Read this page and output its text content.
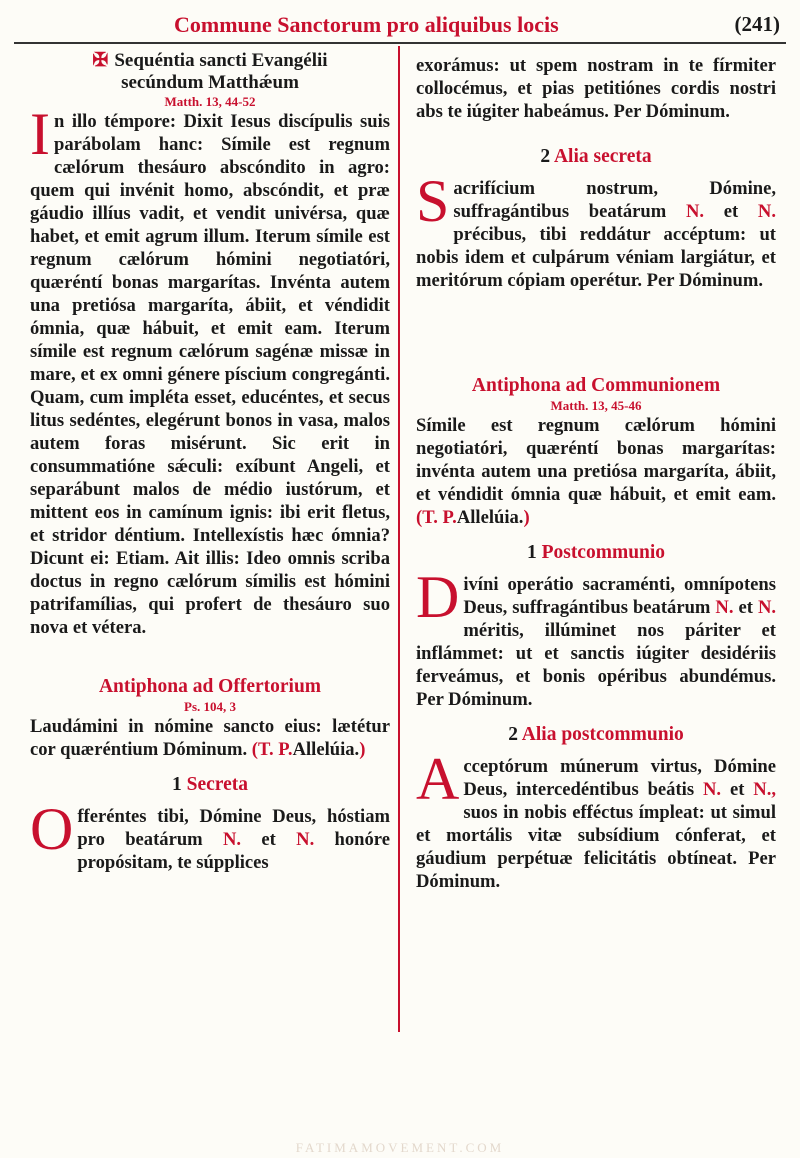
Commune Sanctorum pro aliquibus locis	(241)
✠ Sequéntia sancti Evangélii
secúndum Matthǽum
Matth. 13, 44-52

In illo témpore: Dixit Iesus discípulis suis parábolam hanc: Símile est regnum cælórum thesáuro abscóndito in agro: quem qui invénit homo, abscóndit, et præ gáudio illíus vadit, et vendit univérsa, quæ habet, et emit agrum illum. Iterum símile est regnum cælórum hómini negotiatóri, quæréntí bonas margarítas. Invénta autem una pretiósa margaríta, ábiit, et véndidit ómnia, quæ hábuit, et emit eam. Iterum símile est regnum cælórum sagénæ missæ in mare, et ex omni génere píscium congregánti. Quam, cum impléta esset, educéntes, et secus litus sedéntes, elegérunt bonos in vasa, malos autem foras misérunt. Sic erit in consummatióne sǽculi: exíbunt Angeli, et separábunt malos de médio iustórum, et mittent eos in camínum ignis: ibi erit fletus, et stridor déntium. Intellexístis hæc ómnia? Dicunt ei: Etiam. Ait illis: Ideo omnis scriba doctus in regno cælórum símilis est hómini patrifamílias, qui profert de thesáuro suo nova et vétera.

Antiphona ad Offertorium
Ps. 104, 3

Laudámini in nómine sancto eius: lætétur cor quæréntium Dóminum. (T. P.Allelúia.)

1 Secreta

Offeréntes tibi, Dómine Deus, hóstiam pro beatárum N. et N. honóre propósitam, te súpplices

exorámus: ut spem nostram in te fírmiter collocémus, et pias petitiónes cordis nostri abs te iúgiter habeámus. Per Dóminum.

2 Alia secreta

Sacrifícium nostrum, Dómine, suffragántibus beatárum N. et N. précibus, tibi reddátur accéptum: ut nobis idem et culpárum véniam largiátur, et meritórum cópiam operétur. Per Dóminum.

Antiphona ad Communionem
Matth. 13, 45-46

Símile est regnum cælórum hómini negotiatóri, quæréntí bonas margarítas: invénta autem una pretiósa margaríta, ábiit, et véndidit ómnia quæ hábuit, et emit eam. (T. P.Allelúia.)

1 Postcommunio

Divíni operátio sacraménti, omnípotens Deus, suffragántibus beatárum N. et N. méritis, illúminet nos páriter et inflámmet: ut et sanctis iúgiter desidériis ferveámus, et bonis opéribus abundémus. Per Dóminum.

2 Alia postcommunio

Acceptórum múnerum virtus, Dómine Deus, intercedéntibus beátis N. et N., suos in nobis efféctus ímpleat: ut simul et mortális vitæ subsídium cónferat, et gáudium perpétuæ felicitátis obtíneat. Per Dóminum.

FATIMAMOVEMENT.COM
